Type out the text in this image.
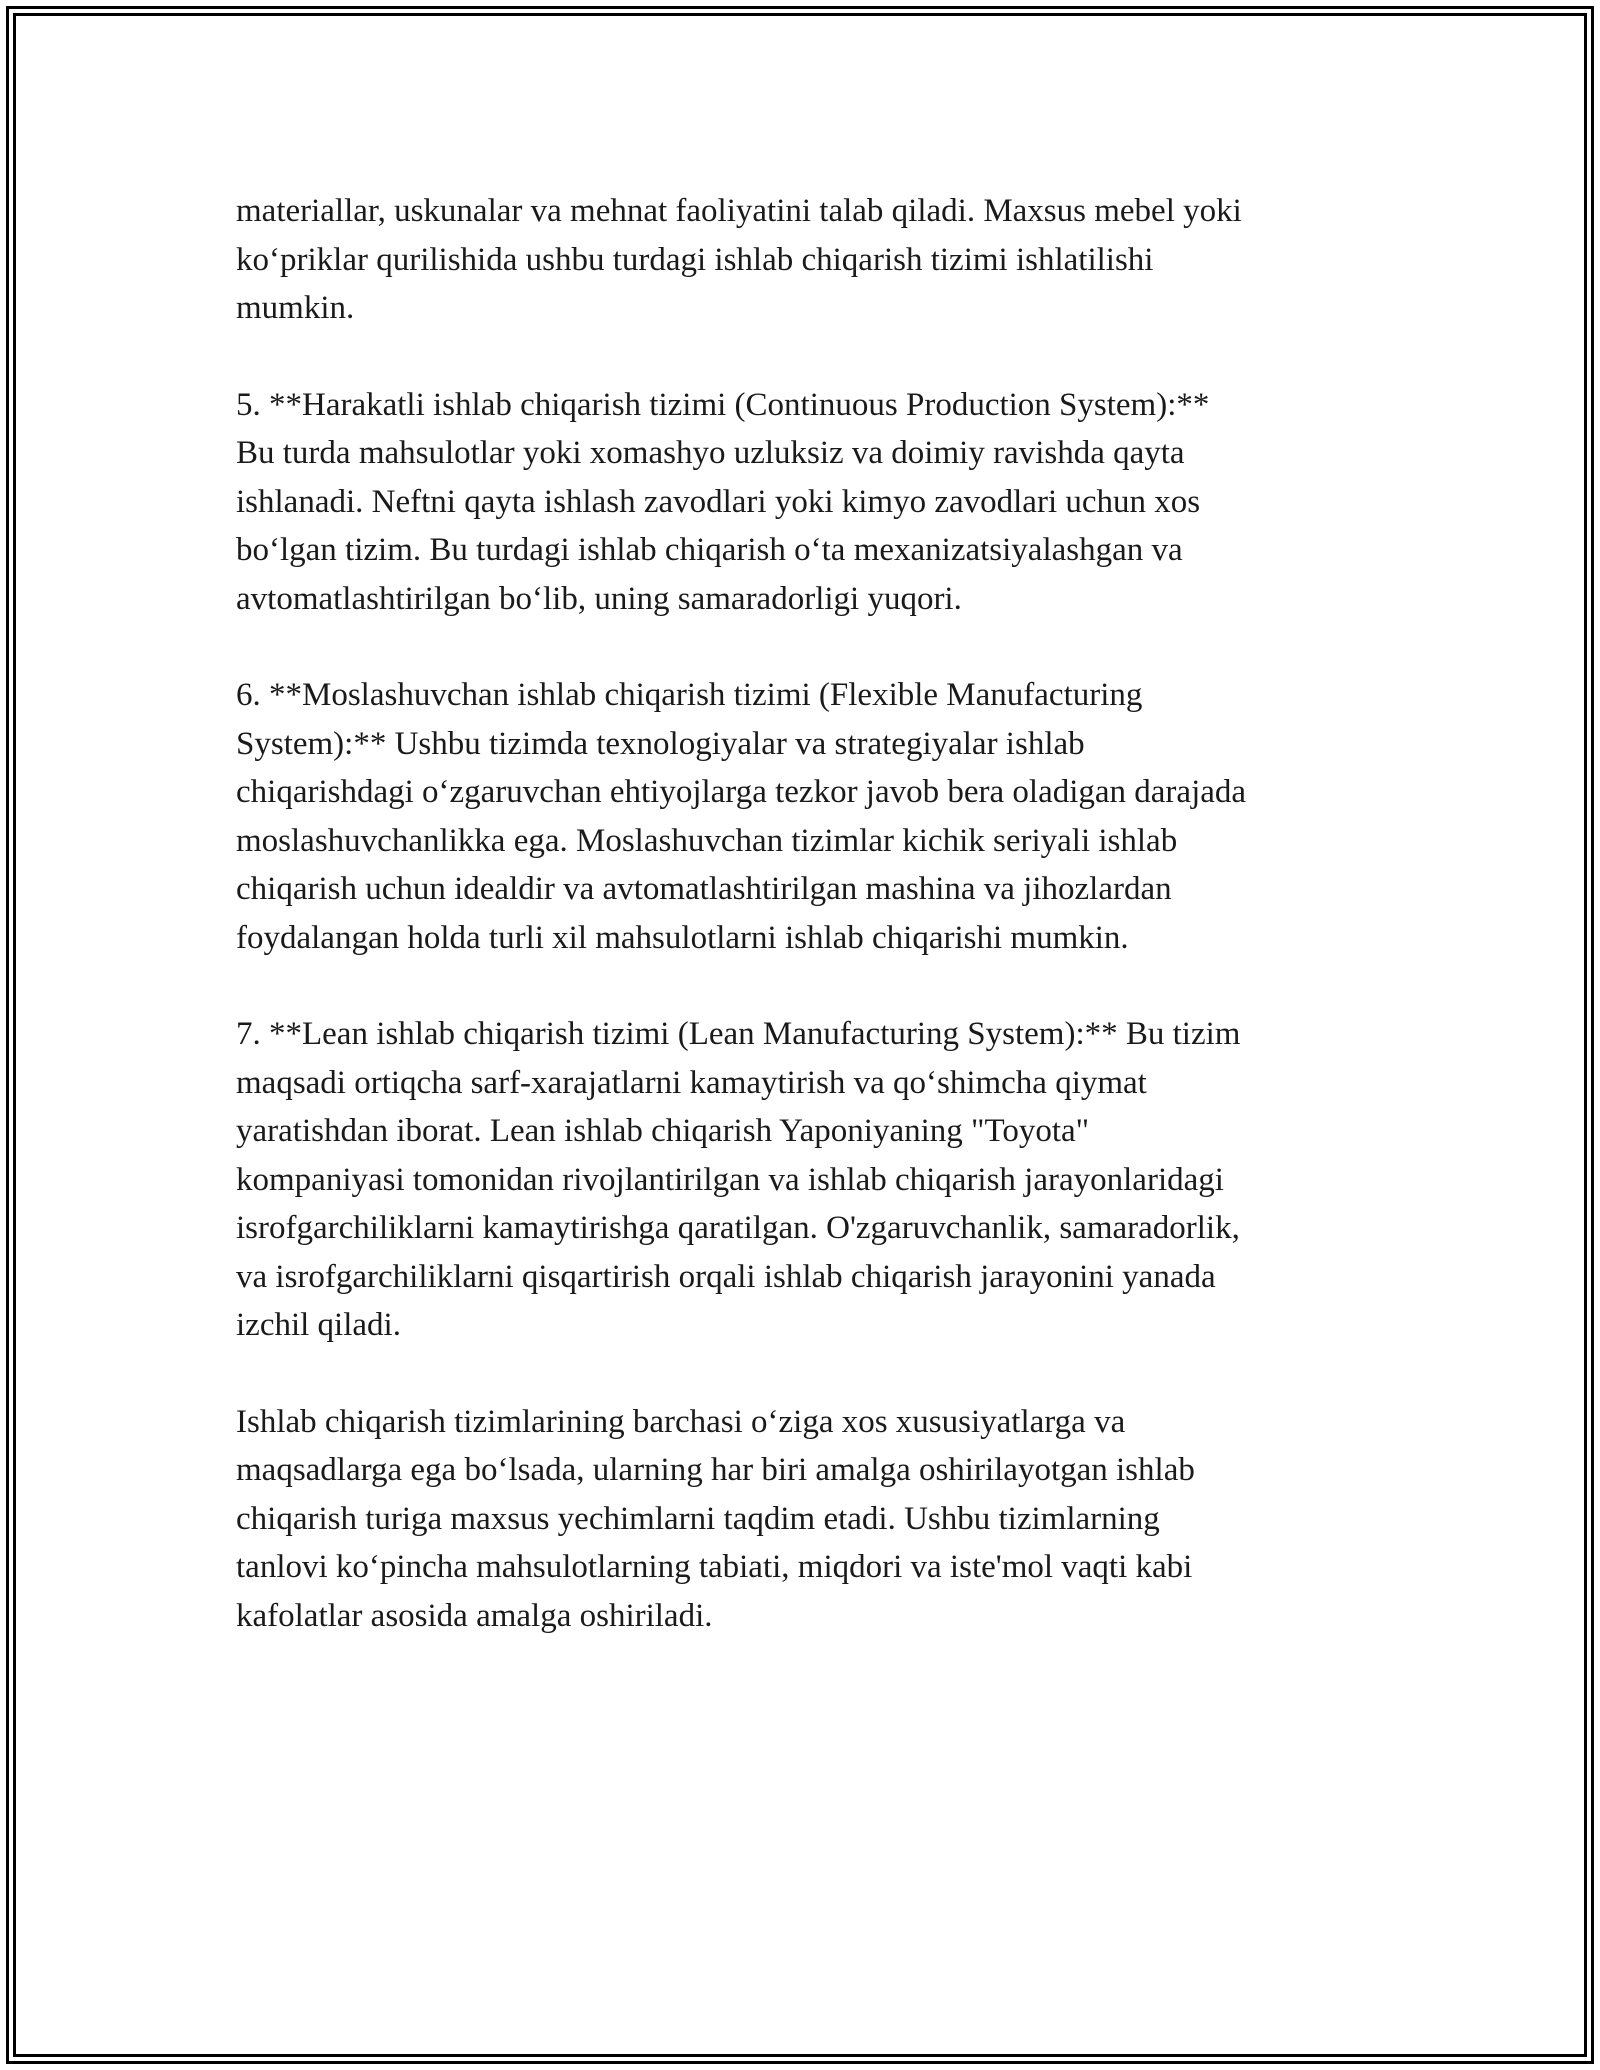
materiallar, uskunalar va mehnat faoliyatini talab qiladi. Maxsus mebel yoki
ko‘priklar qurilishida ushbu turdagi ishlab chiqarish tizimi ishlatilishi
mumkin.

5. **Harakatli ishlab chiqarish tizimi (Continuous Production System):**
Bu turda mahsulotlar yoki xomashyo uzluksiz va doimiy ravishda qayta
ishlanadi. Neftni qayta ishlash zavodlari yoki kimyo zavodlari uchun xos
bo‘lgan tizim. Bu turdagi ishlab chiqarish o‘ta mexanizatsiyalashgan va
avtomatlashtirilgan bo‘lib, uning samaradorligi yuqori.

6. **Moslashuvchan ishlab chiqarish tizimi (Flexible Manufacturing
System):** Ushbu tizimda texnologiyalar va strategiyalar ishlab
chiqarishdagi o‘zgaruvchan ehtiyojlarga tezkor javob bera oladigan darajada
moslashuvchanlikka ega. Moslashuvchan tizimlar kichik seriyali ishlab
chiqarish uchun idealdir va avtomatlashtirilgan mashina va jihozlardan
foydalangan holda turli xil mahsulotlarni ishlab chiqarishi mumkin.

7. **Lean ishlab chiqarish tizimi (Lean Manufacturing System):** Bu tizim
maqsadi ortiqcha sarf-xarajatlarni kamaytirish va qo‘shimcha qiymat
yaratishdan iborat. Lean ishlab chiqarish Yaponiyaning "Toyota"
kompaniyasi tomonidan rivojlantirilgan va ishlab chiqarish jarayonlaridagi
isrofgarchiliklarni kamaytirishga qaratilgan. O'zgaruvchanlik, samaradorlik,
va isrofgarchiliklarni qisqartirish orqali ishlab chiqarish jarayonini yanada
izchil qiladi.

Ishlab chiqarish tizimlarining barchasi o‘ziga xos xususiyatlarga va
maqsadlarga ega bo‘lsada, ularning har biri amalga oshirilayotgan ishlab
chiqarish turiga maxsus yechimlarni taqdim etadi. Ushbu tizimlarning
tanlovi ko‘pincha mahsulotlarning tabiati, miqdori va iste'mol vaqti kabi
kafolatlar asosida amalga oshiriladi.
